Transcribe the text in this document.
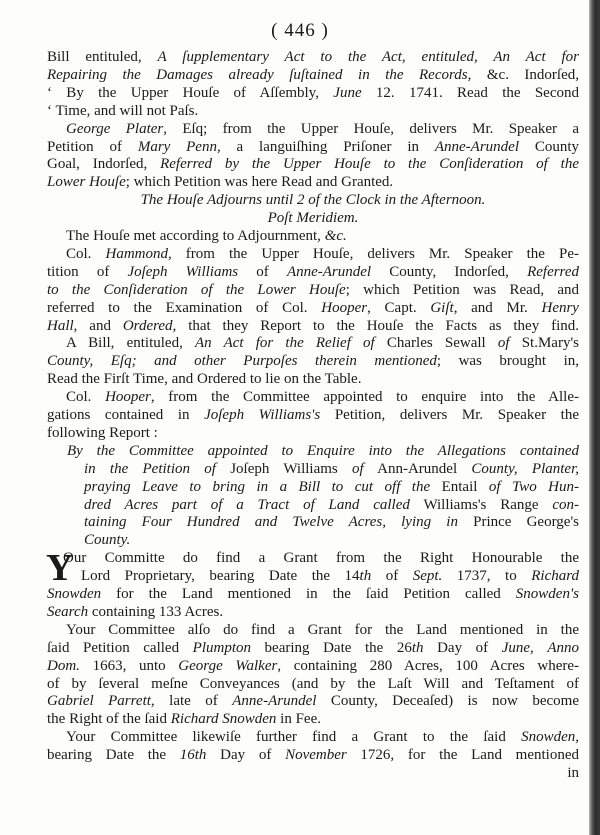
( 446 )
Bill entituled, A ſupplementary Act to the Act, entituled, An Act for
Repairing the Damages already ſuſtained in the Records, &c. Indorſed,
‘ By the Upper Houſe of Aſſembly, June 12. 1741. Read the Second
‘ Time, and will not Paſs.
George Plater, Eſq; from the Upper Houſe, delivers Mr. Speaker a
Petition of Mary Penn, a languiſhing Priſoner in Anne-Arundel County
Goal, Indorſed, Referred by the Upper Houſe to the Conſideration of the
Lower Houſe; which Petition was here Read and Granted.
The Houſe Adjourns until 2 of the Clock in the Afternoon.
Poſt Meridiem.
The Houſe met according to Adjournment, &c.
Col. Hammond, from the Upper Houſe, delivers Mr. Speaker the Pe-
tition of Joſeph Williams of Anne-Arundel County, Indorſed, Referred
to the Conſideration of the Lower Houſe; which Petition was Read, and
referred to the Examination of Col. Hooper, Capt. Giſt, and Mr. Henry
Hall, and Ordered, that they Report to the Houſe the Facts as they find.
A Bill, entituled, An Act for the Relief of Charles Sewall of St.Mary's
County, Eſq; and other Purpoſes therein mentioned; was brought in,
Read the Firſt Time, and Ordered to lie on the Table.
Col. Hooper, from the Committee appointed to enquire into the Alle-
gations contained in Joſeph Williams's Petition, delivers Mr. Speaker the
following Report :
By the Committee appointed to Enquire into the Allegations contained
in the Petition of Joſeph Williams of Ann-Arundel County, Planter,
praying Leave to bring in a Bill to cut off the Entail of Two Hun-
dred Acres part of a Tract of Land called Williams's Range con-
taining Four Hundred and Twelve Acres, lying in Prince George's
County.
Our Committe do find a Grant from the Right Honourable the
Lord Proprietary, bearing Date the 14th of Sept. 1737, to Richard
Snowden for the Land mentioned in the ſaid Petition called Snowden's
Search containing 133 Acres.
Your Committee alſo do find a Grant for the Land mentioned in the
ſaid Petition called Plumpton bearing Date the 26th Day of June, Anno
Dom. 1663, unto George Walker, containing 280 Acres, 100 Acres where-
of by ſeveral meſne Conveyances (and by the Laſt Will and Teſtament of
Gabriel Parrett, late of Anne-Arundel County, Deceaſed) is now become
the Right of the ſaid Richard Snowden in Fee.
Your Committee likewiſe further find a Grant to the ſaid Snowden,
bearing Date the 16th Day of November 1726, for the Land mentioned
in
Y
